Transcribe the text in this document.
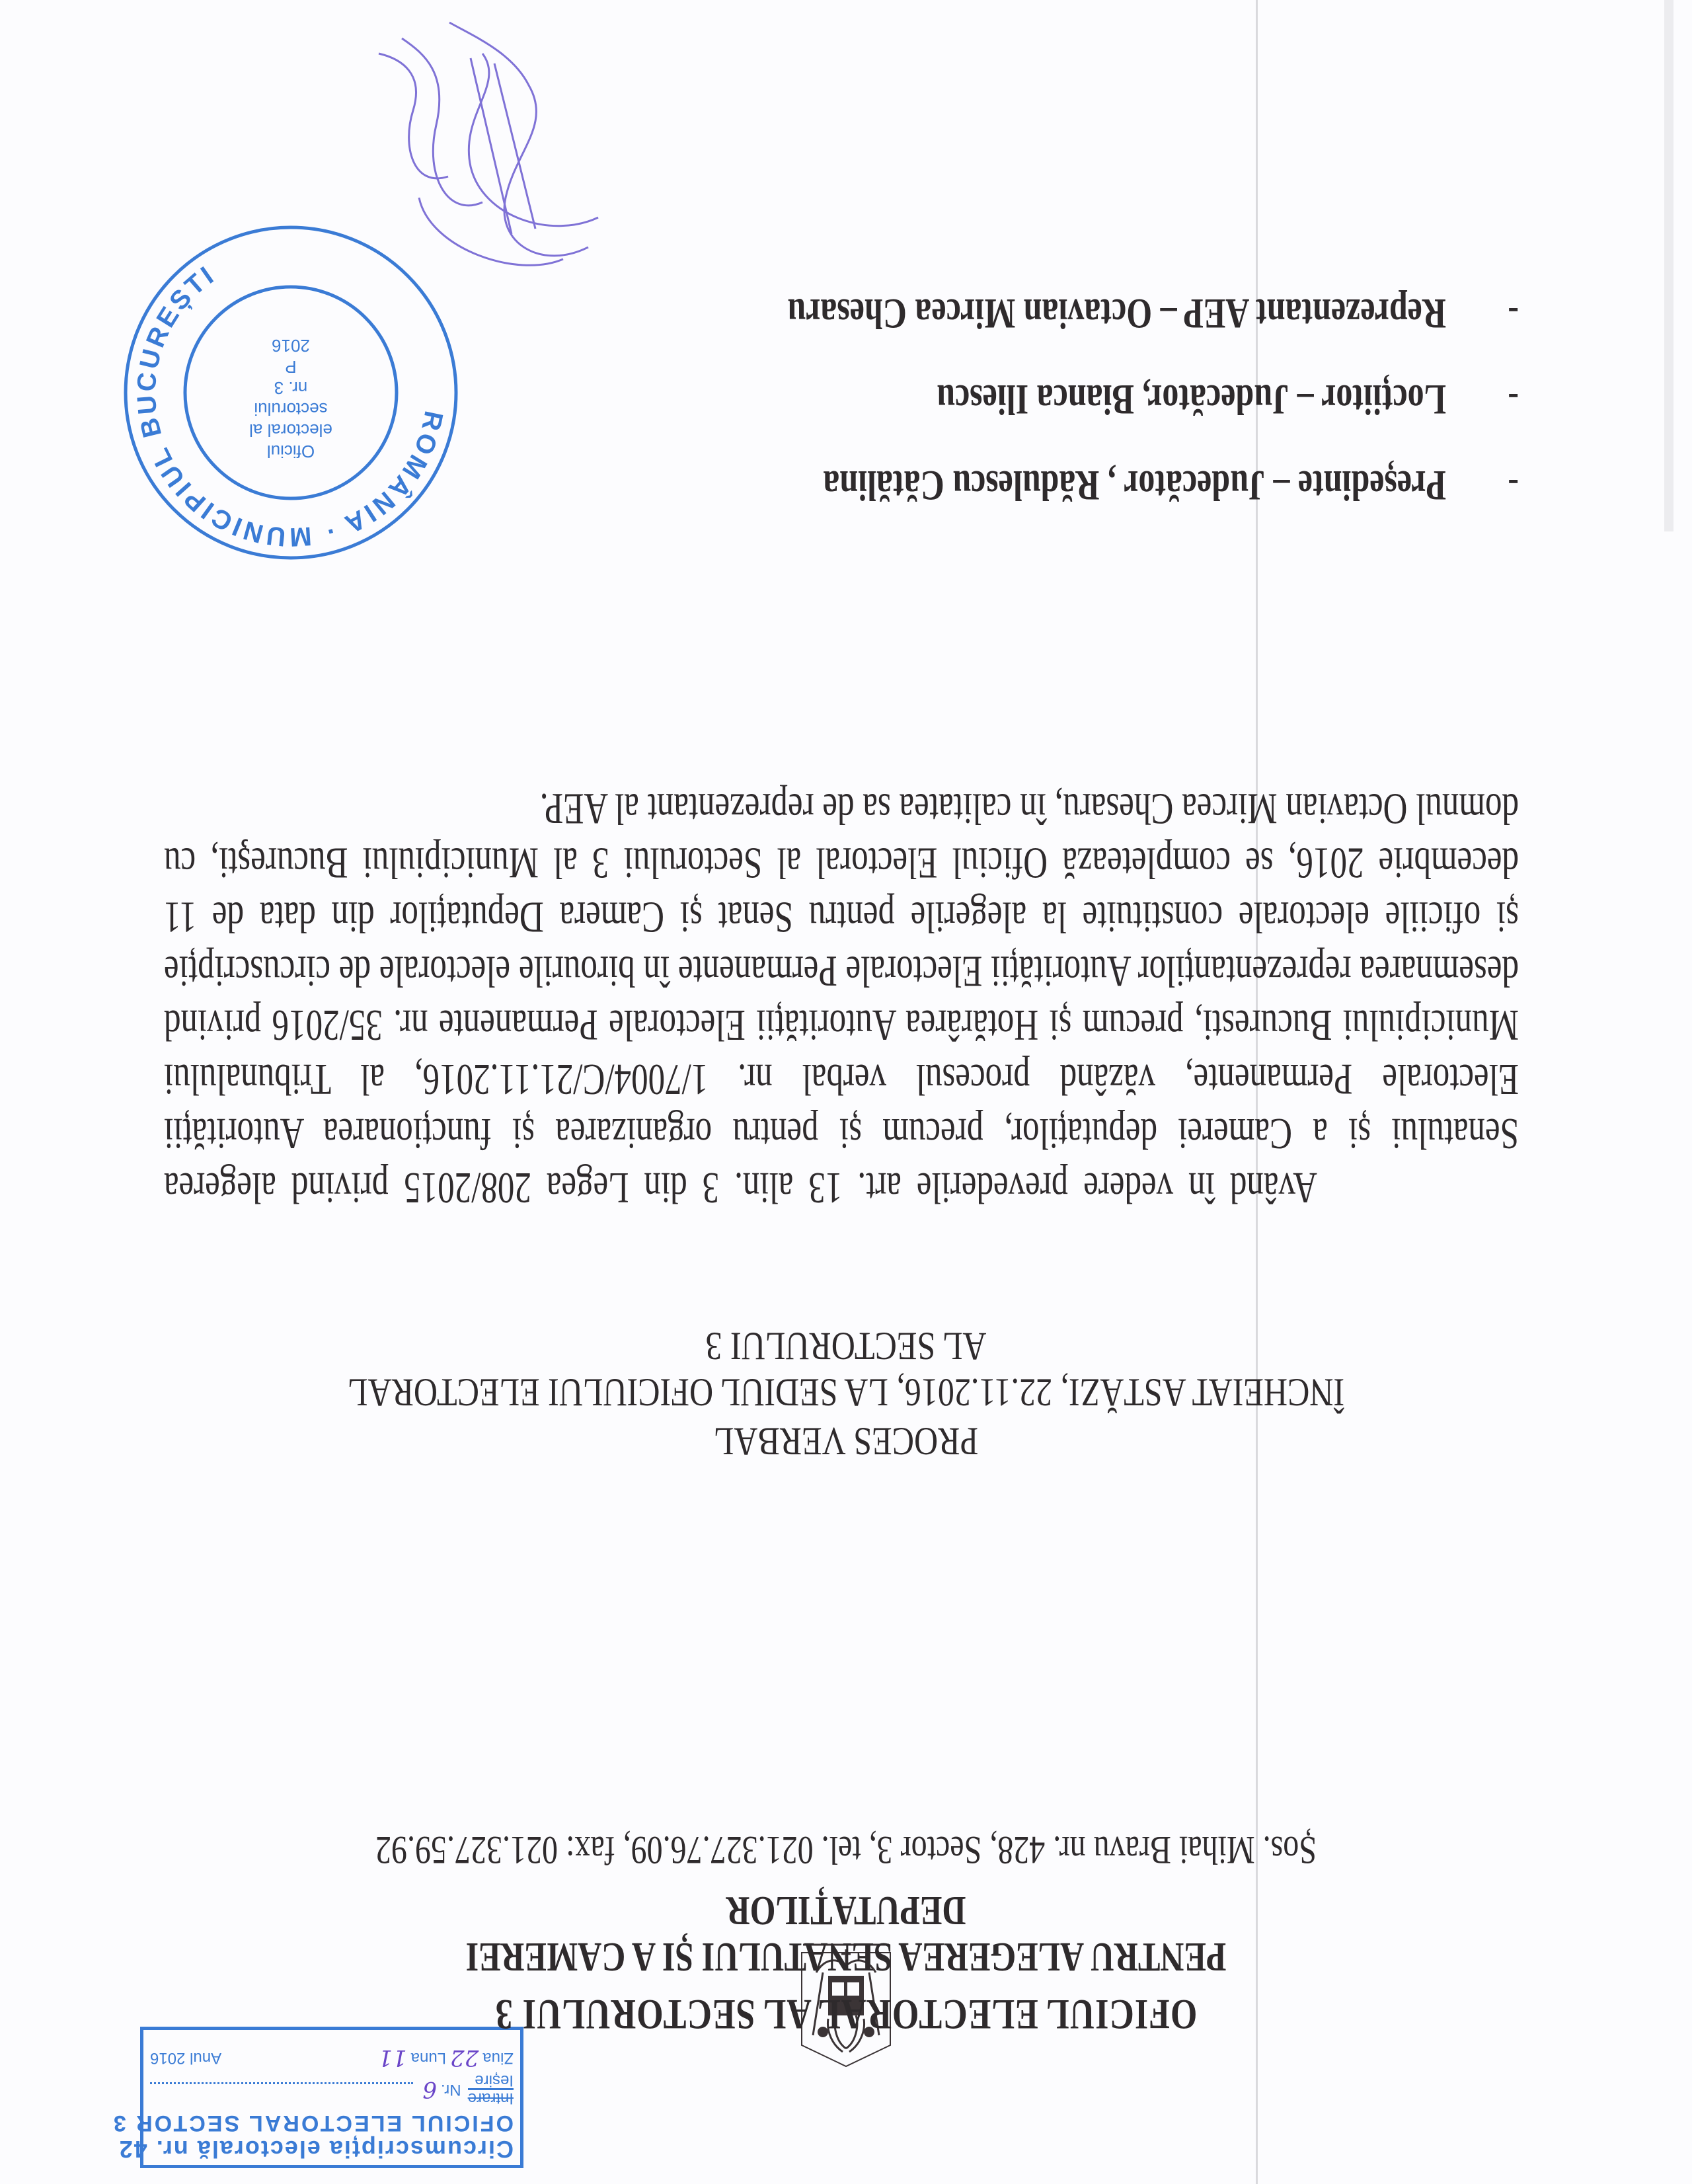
Circumscripția electorală nr. 42
OFICIUL ELECTORAL SECTOR 3
Intrare
Ieșire
Nr.
6
Ziua
22
Luna
11
Anul 2016
OFICIUL ELECTORAL AL SECTORULUI 3
PENTRU ALEGEREA SENATULUI ȘI A CAMEREI
DEPUTAȚILOR
Șos. Mihai Bravu nr. 428, Sector 3, tel. 021.327.76.09, fax: 021.327.59.92
PROCES VERBAL
ÎNCHEIAT ASTĂZI, 22.11.2016, LA SEDIUL OFICIULUI ELECTORAL
AL SECTORULUI 3

Având în vedere prevederile art. 13 alin. 3 din Legea 208/2015 privind alegerea Senatului și a Camerei deputaților, precum și pentru organizarea și funcționarea Autorității Electorale Permanente, văzând procesul verbal nr. 1/7004/C/21.11.2016, al Tribunalului Municipiului Bucuresti, precum și Hotărârea Autorității Electorale Permanente nr. 35/2016 privind desemnarea reprezentanților Autorității Electorale Permanente în birourile electorale de circuscripție și oficiile electorale constituite la alegerile pentru Senat și Camera Deputaților din data de 11 decembrie 2016, se completează Oficiul Electoral al Sectorului 3 al Municipiului Bucureşti, cu domnul Octavian Mircea Chesaru, în calitatea sa de reprezentant al AEP.

-
Președinte – Judecător , Rădulescu Cătălina
-
Locțiitor – Judecător, Bianca Iliescu
-
Reprezentant AEP – Octavian Mircea Chesaru
ROMÂNIA · MUNICIPIUL BUCUREȘTI
Oficiul
electoral al
sectorului
nr. 3
P
2016
